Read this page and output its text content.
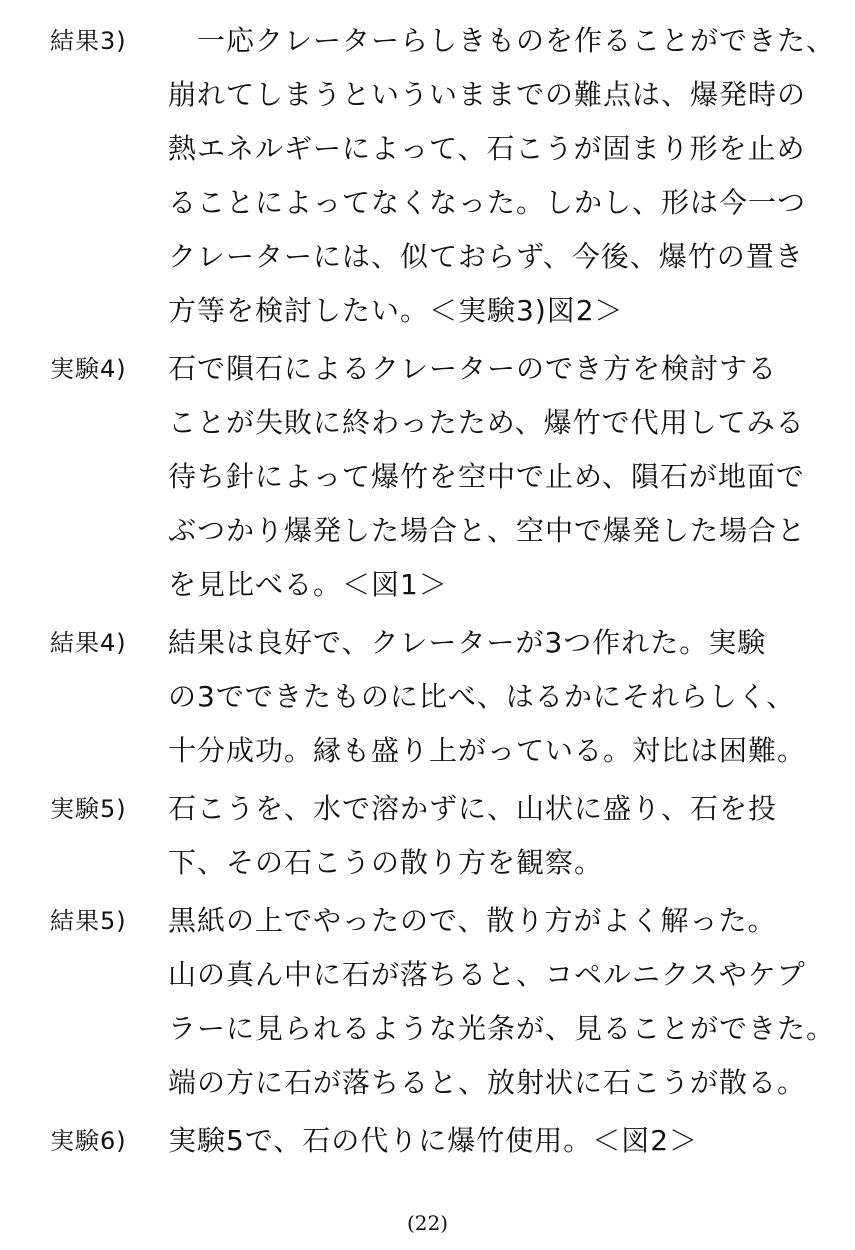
結果3)	　一応クレーターらしきものを作ることができた、
崩れてしまうといういままでの難点は、爆発時の
熱エネルギーによって、石こうが固まり形を止め
ることによってなくなった。しかし、形は今一つ
クレーターには、似ておらず、今後、爆竹の置き
方等を検討したい。＜実験3)図2＞
実験4)	石で隕石によるクレーターのでき方を検討する
ことが失敗に終わったため、爆竹で代用してみる
待ち針によって爆竹を空中で止め、隕石が地面で
ぶつかり爆発した場合と、空中で爆発した場合と
を見比べる。＜図1＞
結果4)	結果は良好で、クレーターが3つ作れた。実験
の3でできたものに比べ、はるかにそれらしく、
十分成功。縁も盛り上がっている。対比は困難。
実験5)	石こうを、水で溶かずに、山状に盛り、石を投
下、その石こうの散り方を観察。
結果5)	黒紙の上でやったので、散り方がよく解った。
山の真ん中に石が落ちると、コペルニクスやケプ
ラーに見られるような光条が、見ることができた。
端の方に石が落ちると、放射状に石こうが散る。
実験6)	実験5で、石の代りに爆竹使用。＜図2＞
(22)
